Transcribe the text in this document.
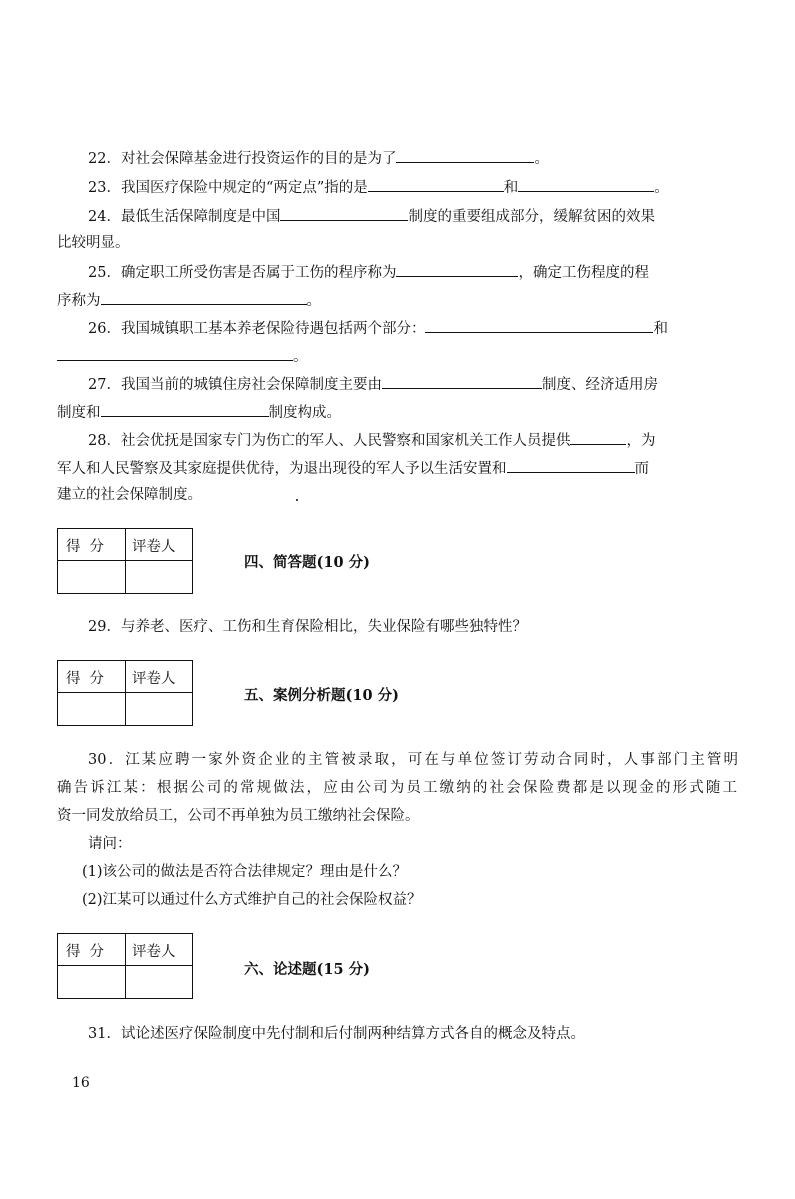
22．对社会保障基金进行投资运作的目的是为了	。
23．我国医疗保险中规定的“两定点”指的是	和	。
24．最低生活保障制度是中国	制度的重要组成部分，缓解贫困的效果
比较明显。
25．确定职工所受伤害是否属于工伤的程序称为	，确定工伤程度的程
序称为	。
26．我国城镇职工基本养老保险待遇包括两个部分：	和
。
27．我国当前的城镇住房社会保障制度主要由	制度、经济适用房
制度和	制度构成。
28．社会优抚是国家专门为伤亡的军人、人民警察和国家机关工作人员提供	，为
军人和人民警察及其家庭提供优待，为退出现役的军人予以生活安置和	而
建立的社会保障制度。
得分 评卷人
四、简答题(10 分)
29．与养老、医疗、工伤和生育保险相比，失业保险有哪些独特性？
得分 评卷人
五、案例分析题(10 分)
30．江某应聘一家外资企业的主管被录取，可在与单位签订劳动合同时，人事部门主管明
确告诉江某：根据公司的常规做法，应由公司为员工缴纳的社会保险费都是以现金的形式随工
资一同发放给员工，公司不再单独为员工缴纳社会保险。
请问：
(1)该公司的做法是否符合法律规定？理由是什么？
(2)江某可以通过什么方式维护自己的社会保险权益？
得分 评卷人
六、论述题(15 分)
31．试论述医疗保险制度中先付制和后付制两种结算方式各自的概念及特点。
16
